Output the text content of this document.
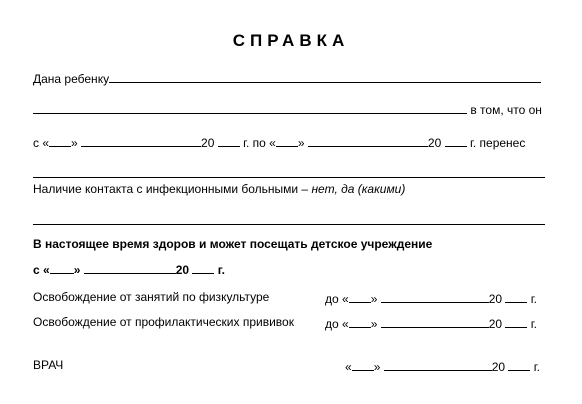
СПРАВКА
Дана ребенку
в том, что он
с « »	20 г. по « »	20 г. перенес
Наличие контакта с инфекционными больными – нет, да (какими)
В настоящее время здоров и может посещать детское учреждение
с « »	20 г.
Освобождение от занятий по физкультуре	до « »	20 г.
Освобождение от профилактических прививок	до « »	20 г.
ВРАЧ	« »	20 г.
